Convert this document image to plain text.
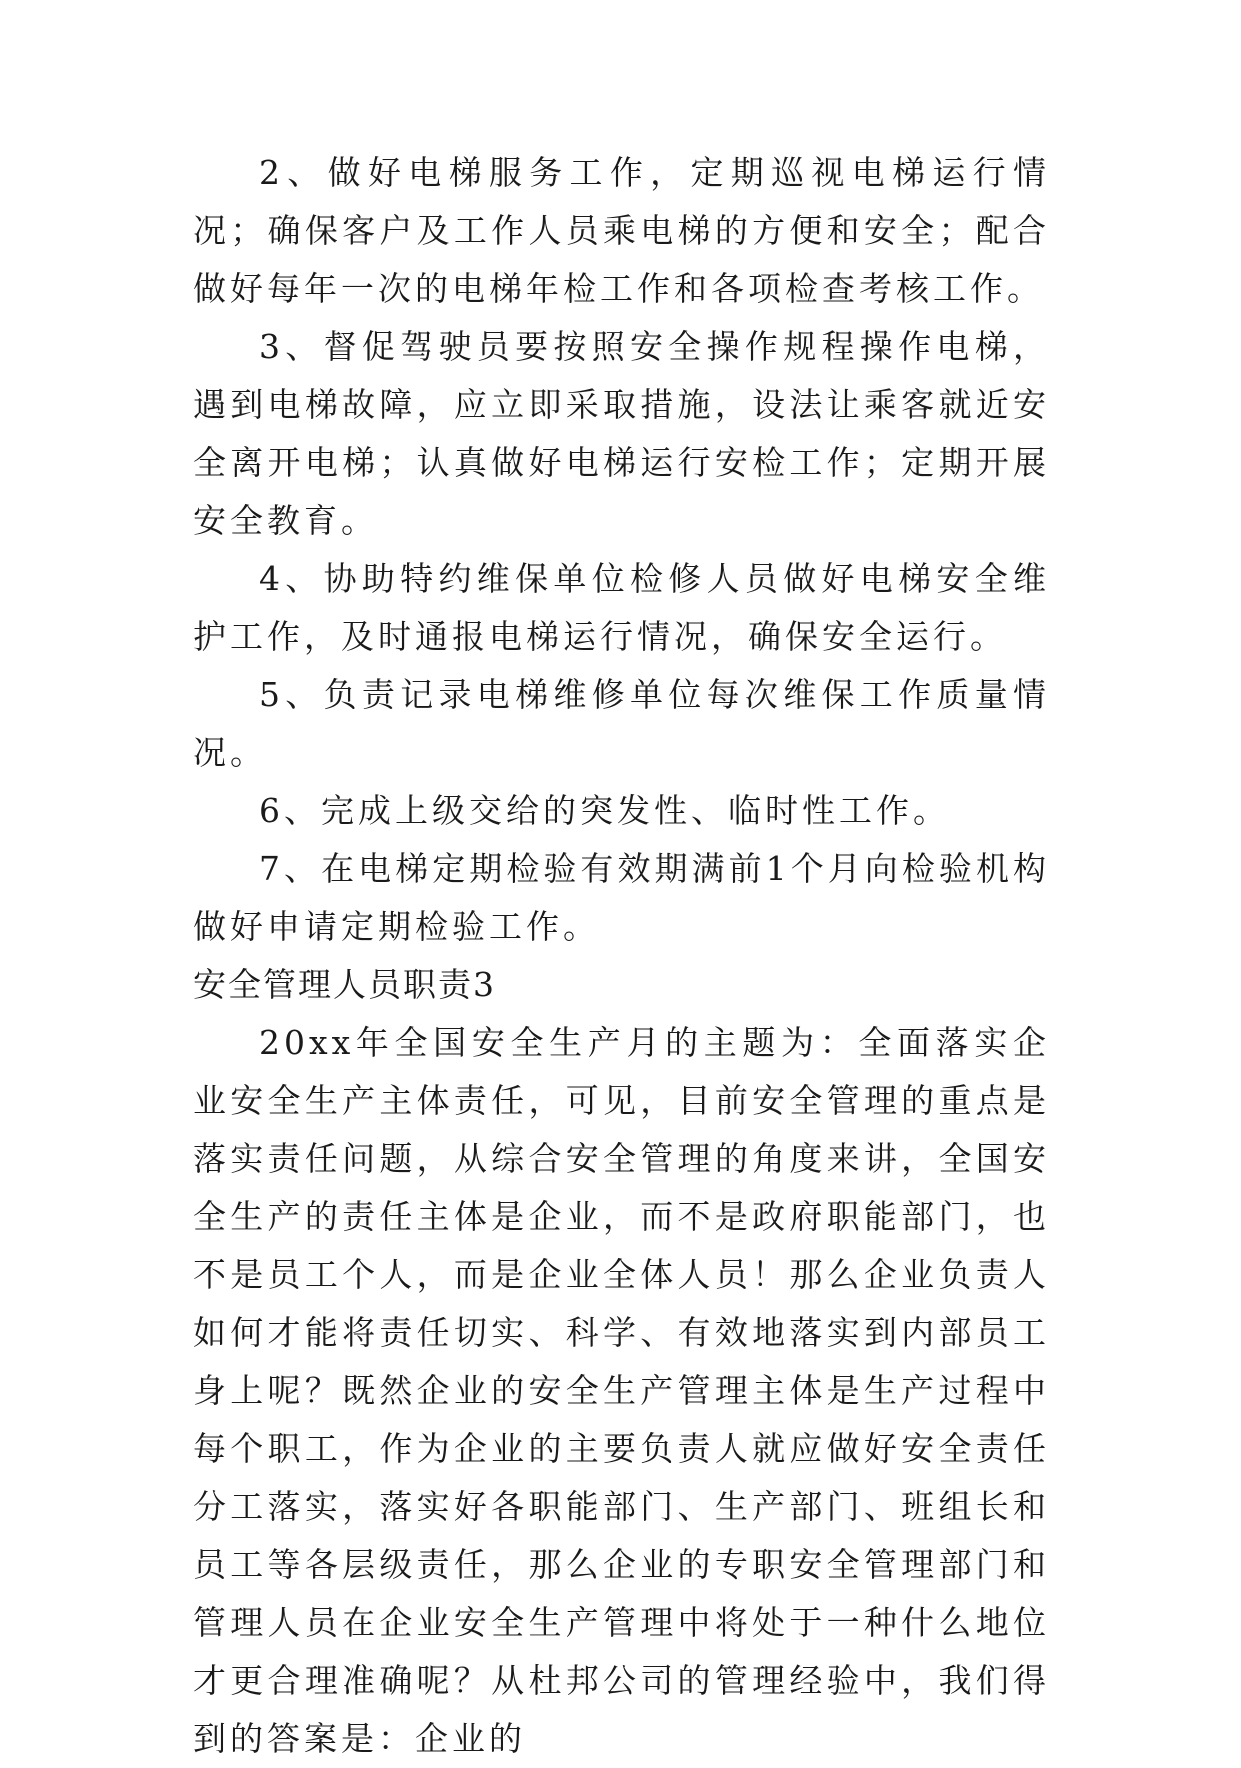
2、做好电梯服务工作，定期巡视电梯运行情况；确保客户及工作人员乘电梯的方便和安全；配合做好每年一次的电梯年检工作和各项检查考核工作。

3、督促驾驶员要按照安全操作规程操作电梯，遇到电梯故障，应立即采取措施，设法让乘客就近安全离开电梯；认真做好电梯运行安检工作；定期开展安全教育。

4、协助特约维保单位检修人员做好电梯安全维护工作，及时通报电梯运行情况，确保安全运行。

5、负责记录电梯维修单位每次维保工作质量情况。

6、完成上级交给的突发性、临时性工作。

7、在电梯定期检验有效期满前1个月向检验机构做好申请定期检验工作。

安全管理人员职责3

20xx年全国安全生产月的主题为：全面落实企业安全生产主体责任，可见，目前安全管理的重点是落实责任问题，从综合安全管理的角度来讲，全国安全生产的责任主体是企业，而不是政府职能部门，也不是员工个人，而是企业全体人员！那么企业负责人如何才能将责任切实、科学、有效地落实到内部员工身上呢？既然企业的安全生产管理主体是生产过程中每个职工，作为企业的主要负责人就应做好安全责任分工落实，落实好各职能部门、生产部门、班组长和员工等各层级责任，那么企业的专职安全管理部门和管理人员在企业安全生产管理中将处于一种什么地位才更合理准确呢？从杜邦公司的管理经验中，我们得到的答案是：企业的
